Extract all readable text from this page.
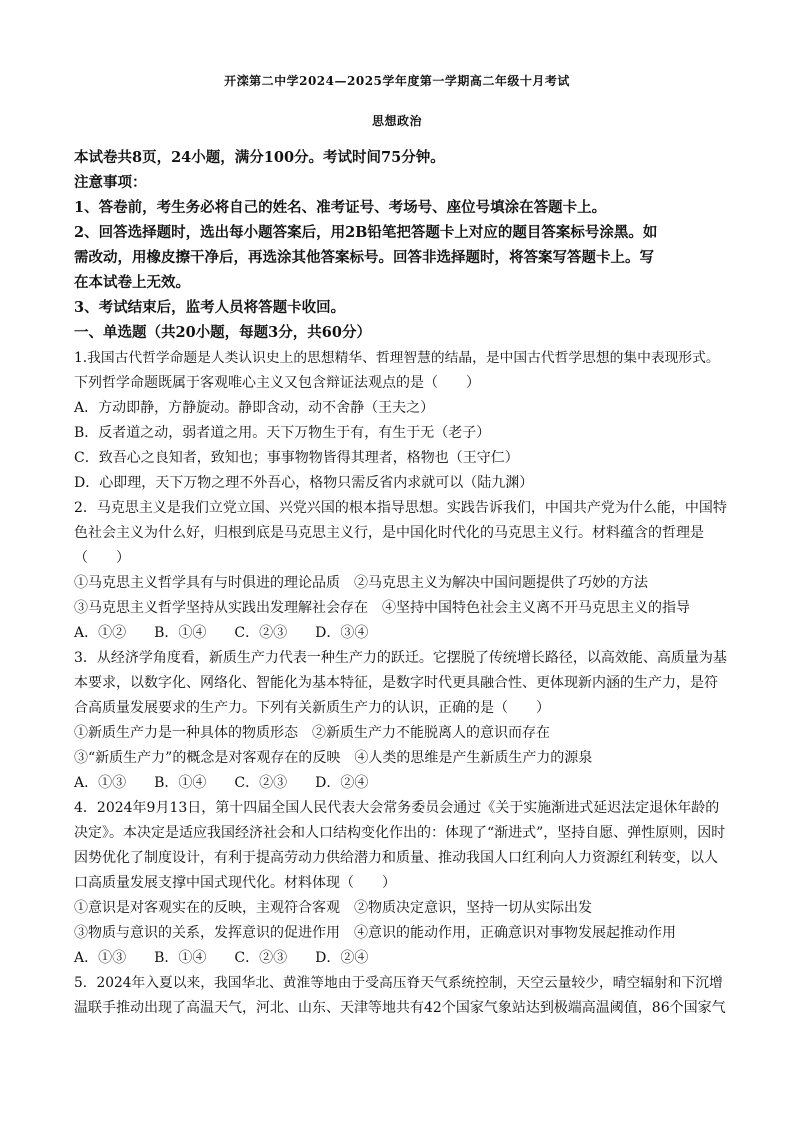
开滦第二中学2024—2025学年度第一学期高二年级十月考试
思想政治
本试卷共8页，24小题，满分100分。考试时间75分钟。
注意事项：
1、答卷前，考生务必将自己的姓名、准考证号、考场号、座位号填涂在答题卡上。
2、回答选择题时，选出每小题答案后，用2B铅笔把答题卡上对应的题目答案标号涂黑。如
需改动，用橡皮擦干净后，再选涂其他答案标号。回答非选择题时，将答案写答题卡上。写
在本试卷上无效。
3、考试结束后，监考人员将答题卡收回。
一、单选题（共20小题，每题3分，共60分）
1.我国古代哲学命题是人类认识史上的思想精华、哲理智慧的结晶，是中国古代哲学思想的集中表现形式。
下列哲学命题既属于客观唯心主义又包含辩证法观点的是（　　）
A．方动即静，方静旋动。静即含动，动不舍静（王夫之）
B．反者道之动，弱者道之用。天下万物生于有，有生于无（老子）
C．致吾心之良知者，致知也；事事物物皆得其理者，格物也（王守仁）
D．心即理，天下万物之理不外吾心，格物只需反省内求就可以（陆九渊）
2．马克思主义是我们立党立国、兴党兴国的根本指导思想。实践告诉我们，中国共产党为什么能，中国特
色社会主义为什么好，归根到底是马克思主义行，是中国化时代化的马克思主义行。材料蕴含的哲理是
（　　）
①马克思主义哲学具有与时俱进的理论品质　②马克思主义为解决中国问题提供了巧妙的方法
③马克思主义哲学坚持从实践出发理解社会存在　④坚持中国特色社会主义离不开马克思主义的指导
A．①②　　B．①④　　C．②③　　D．③④
3．从经济学角度看，新质生产力代表一种生产力的跃迁。它摆脱了传统增长路径，以高效能、高质量为基
本要求，以数字化、网络化、智能化为基本特征，是数字时代更具融合性、更体现新内涵的生产力，是符
合高质量发展要求的生产力。下列有关新质生产力的认识，正确的是（　　）
①新质生产力是一种具体的物质形态　②新质生产力不能脱离人的意识而存在
③“新质生产力”的概念是对客观存在的反映　④人类的思维是产生新质生产力的源泉
A．①③　　B．①④　　C．②③　　D．②④
4．2024年9月13日，第十四届全国人民代表大会常务委员会通过《关于实施渐进式延迟法定退休年龄的
决定》。本决定是适应我国经济社会和人口结构变化作出的：体现了“渐进式”，坚持自愿、弹性原则，因时
因势优化了制度设计，有利于提高劳动力供给潜力和质量、推动我国人口红利向人力资源红利转变，以人
口高质量发展支撑中国式现代化。材料体现（　　）
①意识是对客观实在的反映，主观符合客观　②物质决定意识，坚持一切从实际出发
③物质与意识的关系，发挥意识的促进作用　④意识的能动作用，正确意识对事物发展起推动作用
A．①③　　B．①④　　C．②③　　D．②④
5．2024年入夏以来，我国华北、黄淮等地由于受高压脊天气系统控制，天空云量较少，晴空辐射和下沉增
温联手推动出现了高温天气，河北、山东、天津等地共有42个国家气象站达到极端高温阈值，86个国家气
